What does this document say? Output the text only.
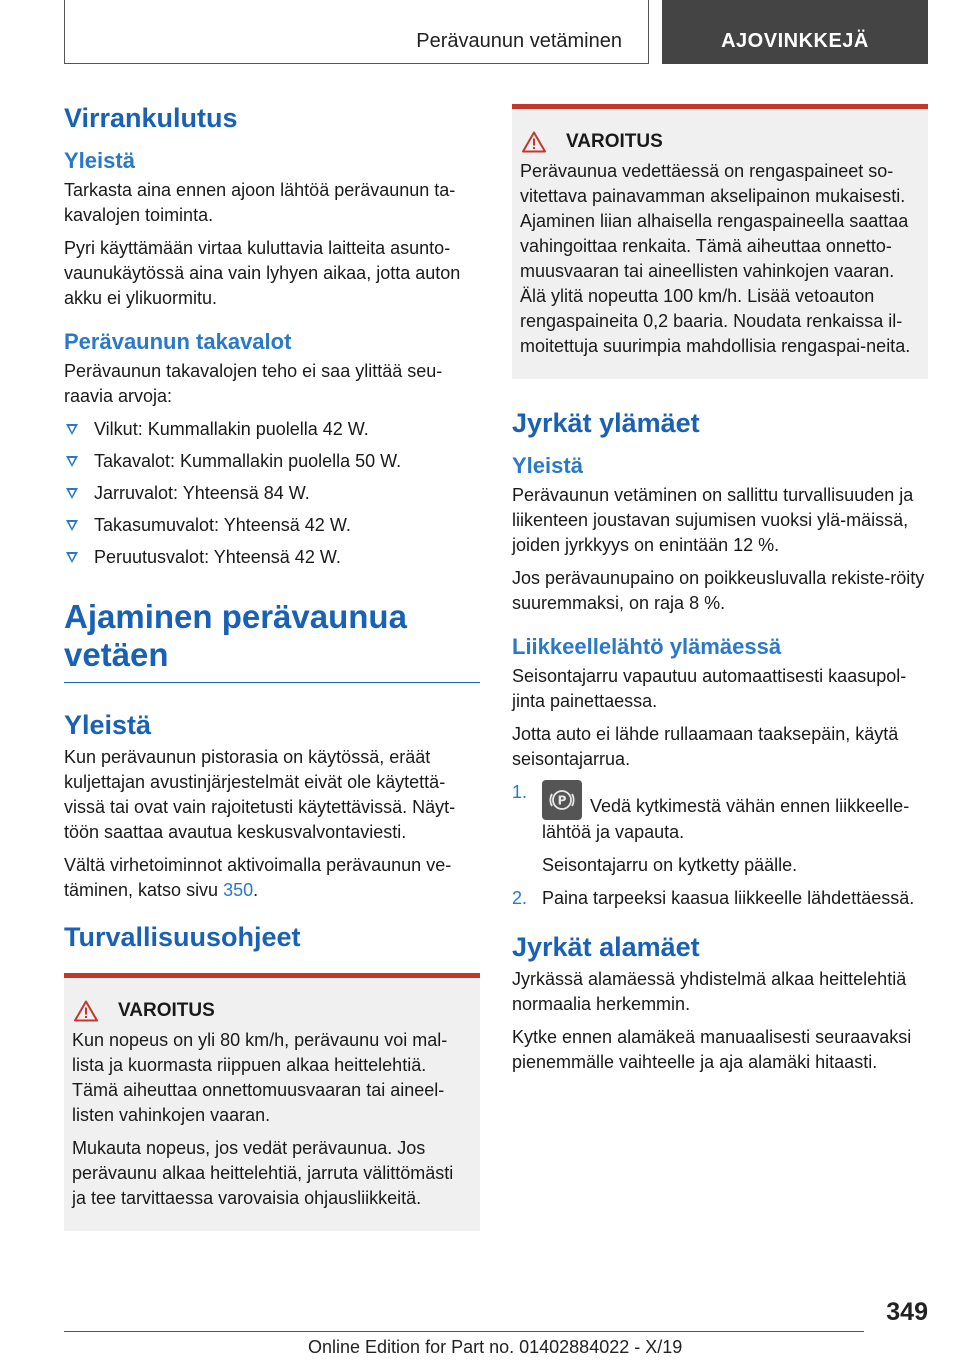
Perävaunun vetäminen	AJOVINKKEJÄ
Virrankulutus
Yleistä

Tarkasta aina ennen ajoon lähtöä perävaunun ta-kavalojen toiminta.

Pyri käyttämään virtaa kuluttavia laitteita asunto-vaunukäytössä aina vain lyhyen aikaa, jotta auton akku ei ylikuormitu.

Perävaunun takavalot

Perävaunun takavalojen teho ei saa ylittää seu-raavia arvoja:

Vilkut: Kummallakin puolella 42 W.
Takavalot: Kummallakin puolella 50 W.
Jarruvalot: Yhteensä 84 W.
Takasumuvalot: Yhteensä 42 W.
Peruutusvalot: Yhteensä 42 W.
Ajaminen perävaunua vetäen
Yleistä

Kun perävaunun pistorasia on käytössä, eräät kuljettajan avustinjärjestelmät eivät ole käytettä-vissä tai ovat vain rajoitetusti käytettävissä. Näyt-töön saattaa avautua keskusvalvontaviesti.

Vältä virhetoiminnot aktivoimalla perävaunun ve-täminen, katso sivu 350.

Turvallisuusohjeet
VAROITUS

Kun nopeus on yli 80 km/h, perävaunu voi mal-lista ja kuormasta riippuen alkaa heittelehtiä. Tämä aiheuttaa onnettomuusvaaran tai aineel-listen vahinkojen vaaran.

Mukauta nopeus, jos vedät perävaunua. Jos perävaunu alkaa heittelehtiä, jarruta välittömästi ja tee tarvittaessa varovaisia ohjausliikkeitä.

VAROITUS

Perävaunua vedettäessä on rengaspaineet so-vitettava painavamman akselipainon mukaisesti. Ajaminen liian alhaisella rengaspaineella saattaa vahingoittaa renkaita. Tämä aiheuttaa onnetto-muusvaaran tai aineellisten vahinkojen vaaran. Älä ylitä nopeutta 100 km/h. Lisää vetoauton rengaspaineita 0,2 baaria. Noudata renkaissa il-moitettuja suurimpia mahdollisia rengaspai-neita.

Jyrkät ylämäet
Yleistä

Perävaunun vetäminen on sallittu turvallisuuden ja liikenteen joustavan sujumisen vuoksi ylä-mäissä, joiden jyrkkyys on enintään 12 %.

Jos perävaunupaino on poikkeusluvalla rekiste-röity suuremmaksi, on raja 8 %.

Liikkeellelähtö ylämäessä

Seisontajarru vapautuu automaattisesti kaasupol-jinta painettaessa.

Jotta auto ei lähde rullaamaan taaksepäin, käytä seisontajarrua.

1.	P Vedä kytkimestä vähän ennen liikkeelle-lähtöä ja vapauta.
Seisontajarru on kytketty päälle.
2. Paina tarpeeksi kaasua liikkeelle lähdettäessä.
Jyrkät alamäet

Jyrkässä alamäessä yhdistelmä alkaa heittelehtiä normaalia herkemmin.

Kytke ennen alamäkeä manuaalisesti seuraavaksi pienemmälle vaihteelle ja aja alamäki hitaasti.

349
Online Edition for Part no. 01402884022 - X/19
